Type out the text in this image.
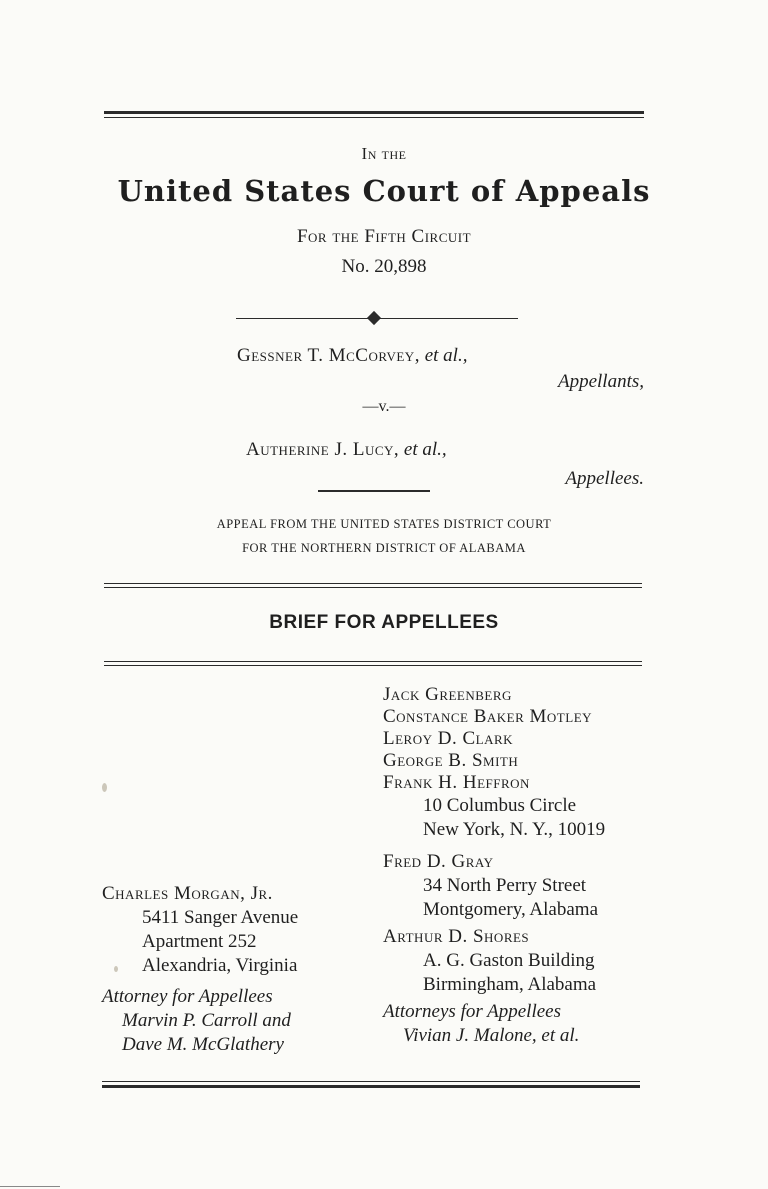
In the
United States Court of Appeals
For the Fifth Circuit
No. 20,898
Gessner T. McCorvey, et al.,
Appellants,
—v.—
Autherine J. Lucy, et al.,
Appellees.
APPEAL FROM THE UNITED STATES DISTRICT COURT
FOR THE NORTHERN DISTRICT OF ALABAMA
BRIEF FOR APPELLEES
Jack Greenberg
Constance Baker Motley
Leroy D. Clark
George B. Smith
Frank H. Heffron
10 Columbus Circle
New York, N. Y., 10019
Fred D. Gray
34 North Perry Street
Montgomery, Alabama
Arthur D. Shores
A. G. Gaston Building
Birmingham, Alabama
Attorneys for Appellees
Vivian J. Malone, et al.
Charles Morgan, Jr.
5411 Sanger Avenue
Apartment 252
Alexandria, Virginia
Attorney for Appellees
Marvin P. Carroll and
Dave M. McGlathery
